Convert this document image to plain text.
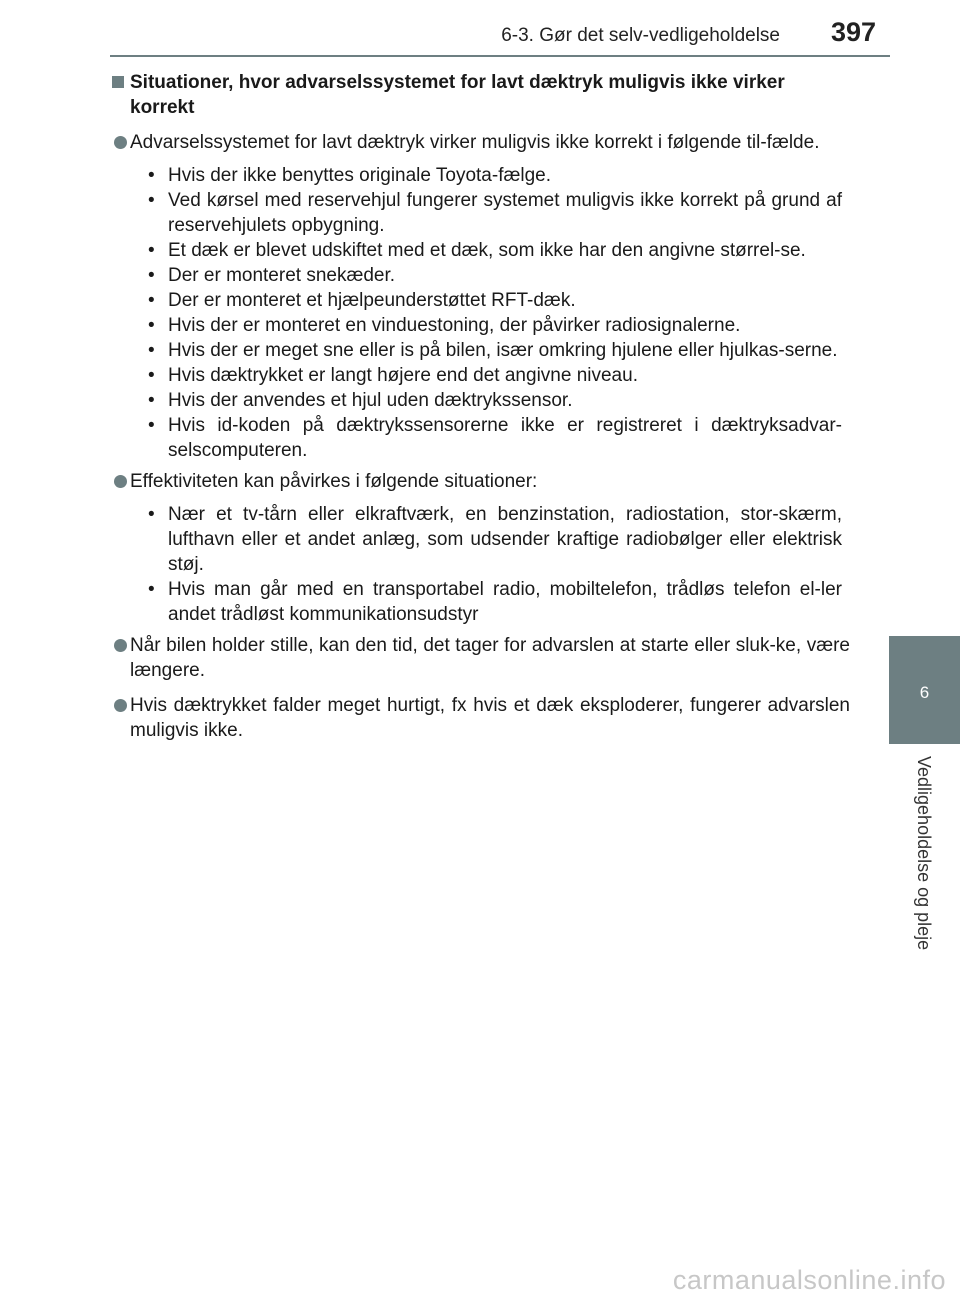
6-3. Gør det selv-vedligeholdelse 397
6
Vedligeholdelse og pleje
Situationer, hvor advarselssystemet for lavt dæktryk muligvis ikke virker korrekt
Advarselssystemet for lavt dæktryk virker muligvis ikke korrekt i følgende til-fælde.
• Hvis der ikke benyttes originale Toyota-fælge.
• Ved kørsel med reservehjul fungerer systemet muligvis ikke korrekt på grund af reservehjulets opbygning.
• Et dæk er blevet udskiftet med et dæk, som ikke har den angivne størrel-se.
• Der er monteret snekæder.
• Der er monteret et hjælpeunderstøttet RFT-dæk.
• Hvis der er monteret en vinduestoning, der påvirker radiosignalerne.
• Hvis der er meget sne eller is på bilen, især omkring hjulene eller hjulkas-serne.
• Hvis dæktrykket er langt højere end det angivne niveau.
• Hvis der anvendes et hjul uden dæktrykssensor.
• Hvis id-koden på dæktrykssensorerne ikke er registreret i dæktryksadvar-selscomputeren.
Effektiviteten kan påvirkes i følgende situationer:
• Nær et tv-tårn eller elkraftværk, en benzinstation, radiostation, stor-skærm, lufthavn eller et andet anlæg, som udsender kraftige radiobølger eller elektrisk støj.
• Hvis man går med en transportabel radio, mobiltelefon, trådløs telefon el-ler andet trådløst kommunikationsudstyr
Når bilen holder stille, kan den tid, det tager for advarslen at starte eller sluk-ke, være længere.
Hvis dæktrykket falder meget hurtigt, fx hvis et dæk eksploderer, fungerer advarslen muligvis ikke.
carmanualsonline.info
